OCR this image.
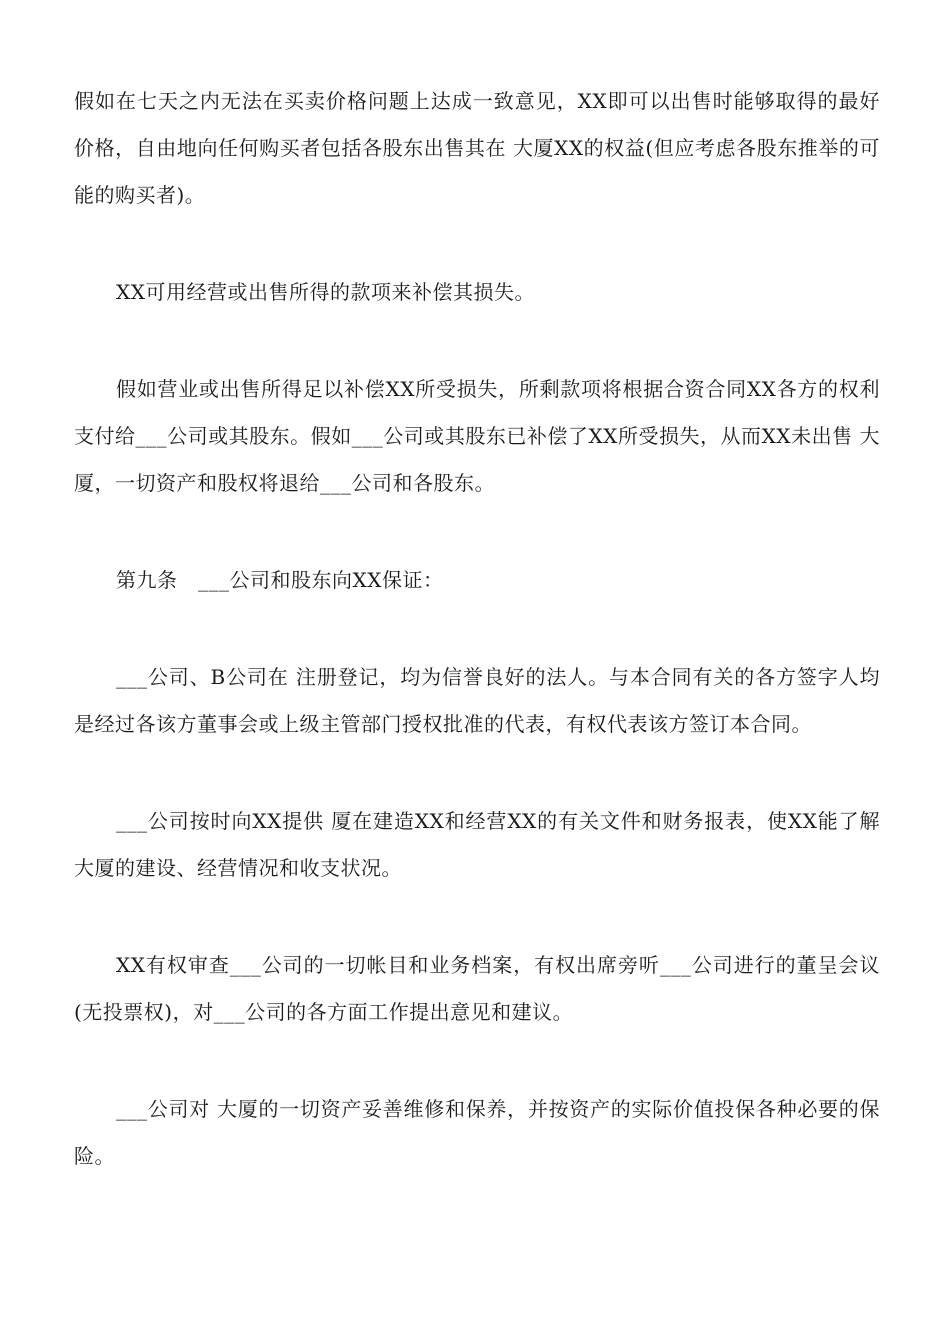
假如在七天之内无法在买卖价格问题上达成一致意见，XX即可以出售时能够取得的最好价格，自由地向任何购买者包括各股东出售其在 大厦XX的权益(但应考虑各股东推举的可能的购买者)。

XX可用经营或出售所得的款项来补偿其损失。

假如营业或出售所得足以补偿XX所受损失，所剩款项将根据合资合同XX各方的权利支付给___公司或其股东。假如___公司或其股东已补偿了XX所受损失，从而XX未出售 大厦，一切资产和股权将退给___公司和各股东。

第九条　___公司和股东向XX保证：

___公司、B公司在 注册登记，均为信誉良好的法人。与本合同有关的各方签字人均是经过各该方董事会或上级主管部门授权批准的代表，有权代表该方签订本合同。

___公司按时向XX提供 厦在建造XX和经营XX的有关文件和财务报表，使XX能了解 大厦的建设、经营情况和收支状况。

XX有权审查___公司的一切帐目和业务档案，有权出席旁听___公司进行的董呈会议(无投票权)，对___公司的各方面工作提出意见和建议。

___公司对 大厦的一切资产妥善维修和保养，并按资产的实际价值投保各种必要的保险。
